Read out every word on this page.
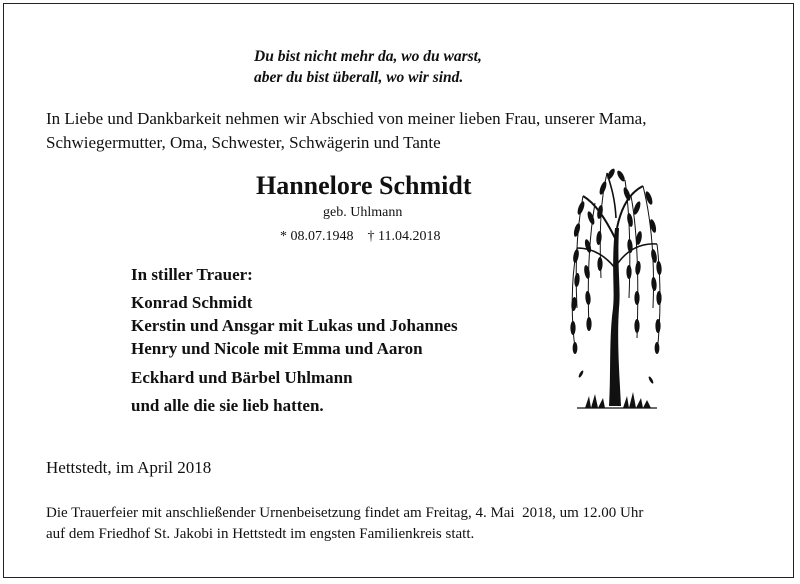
Du bist nicht mehr da, wo du warst,
aber du bist überall, wo wir sind.
In Liebe und Dankbarkeit nehmen wir Abschied von meiner lieben Frau, unserer Mama,
Schwiegermutter, Oma, Schwester, Schwägerin und Tante
Hannelore Schmidt
geb. Uhlmann
* 08.07.1948 † 11.04.2018
In stiller Trauer:
Konrad Schmidt
Kerstin und Ansgar mit Lukas und Johannes
Henry und Nicole mit Emma und Aaron
Eckhard und Bärbel Uhlmann
und alle die sie lieb hatten.
Hettstedt, im April 2018
Die Trauerfeier mit anschließender Urnenbeisetzung findet am Freitag, 4. Mai  2018, um 12.00 Uhr
auf dem Friedhof St. Jakobi in Hettstedt im engsten Familienkreis statt.
